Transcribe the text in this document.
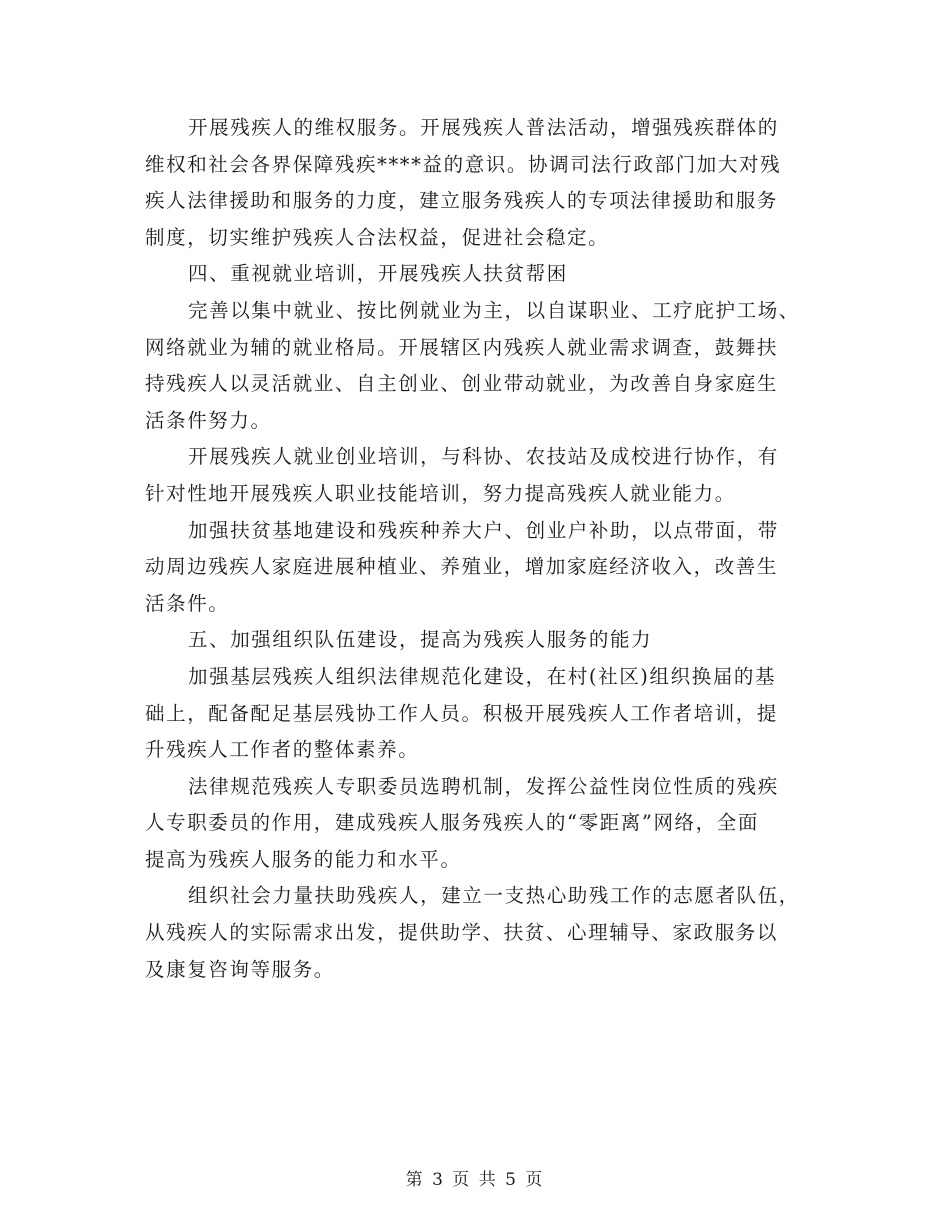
开展残疾人的维权服务。开展残疾人普法活动，增强残疾群体的
维权和社会各界保障残疾****益的意识。协调司法行政部门加大对残
疾人法律援助和服务的力度，建立服务残疾人的专项法律援助和服务
制度，切实维护残疾人合法权益，促进社会稳定。
四、重视就业培训，开展残疾人扶贫帮困
完善以集中就业、按比例就业为主，以自谋职业、工疗庇护工场、
网络就业为辅的就业格局。开展辖区内残疾人就业需求调查，鼓舞扶
持残疾人以灵活就业、自主创业、创业带动就业，为改善自身家庭生
活条件努力。
开展残疾人就业创业培训，与科协、农技站及成校进行协作，有
针对性地开展残疾人职业技能培训，努力提高残疾人就业能力。
加强扶贫基地建设和残疾种养大户、创业户补助，以点带面，带
动周边残疾人家庭进展种植业、养殖业，增加家庭经济收入，改善生
活条件。
五、加强组织队伍建设，提高为残疾人服务的能力
加强基层残疾人组织法律规范化建设，在村(社区)组织换届的基
础上，配备配足基层残协工作人员。积极开展残疾人工作者培训，提
升残疾人工作者的整体素养。
法律规范残疾人专职委员选聘机制，发挥公益性岗位性质的残疾
人专职委员的作用，建成残疾人服务残疾人的“零距离”网络，全面
提高为残疾人服务的能力和水平。
组织社会力量扶助残疾人，建立一支热心助残工作的志愿者队伍，
从残疾人的实际需求出发，提供助学、扶贫、心理辅导、家政服务以
及康复咨询等服务。
第 3 页 共 5 页
